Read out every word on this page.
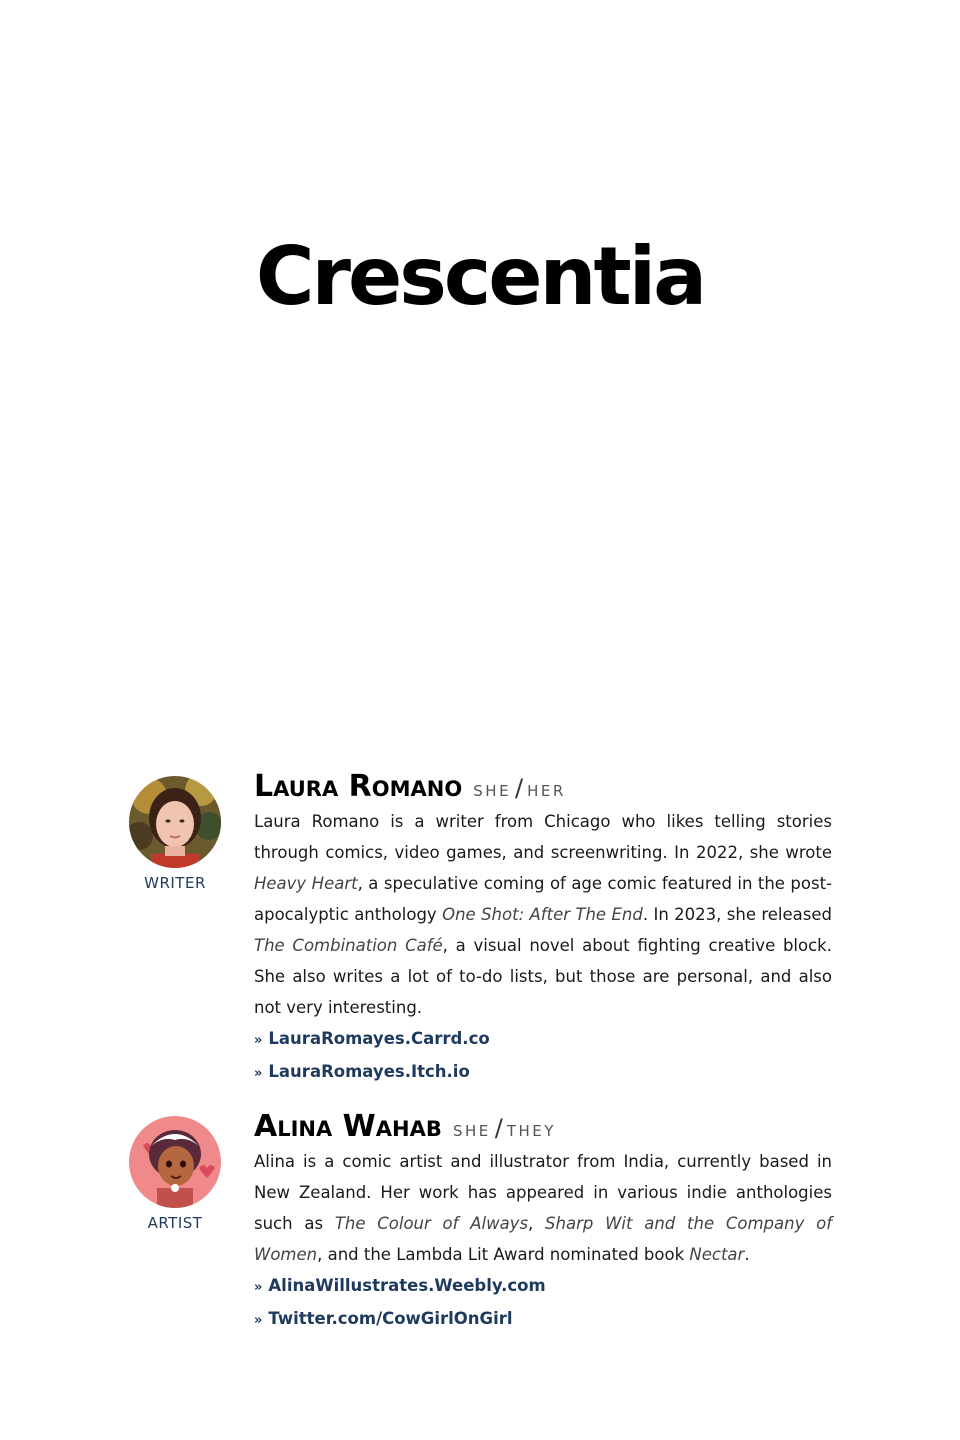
Crescentia
WRITER
Laura Romano SHE / HER

Laura Romano is a writer from Chicago who likes telling stories through comics, video games, and screenwriting. In 2022, she wrote Heavy Heart, a speculative coming of age comic featured in the post-apocalyptic anthology One Shot: After The End. In 2023, she released The Combination Café, a visual novel about fighting creative block. She also writes a lot of to-do lists, but those are personal, and also not very interesting.

» LauraRomayes.Carrd.co
» LauraRomayes.Itch.io
ARTIST
Alina Wahab SHE / THEY

Alina is a comic artist and illustrator from India, currently based in New Zealand. Her work has appeared in various indie anthologies such as The Colour of Always, Sharp Wit and the Company of Women, and the Lambda Lit Award nominated book Nectar.

» AlinaWillustrates.Weebly.com
» Twitter.com/CowGirlOnGirl
